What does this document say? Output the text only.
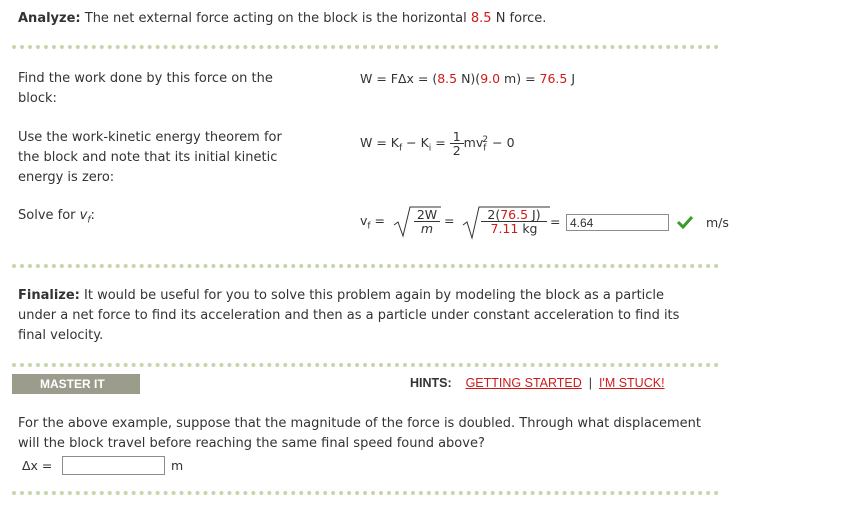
Analyze: The net external force acting on the block is the horizontal 8.5 N force.
Find the work done by this force on the
block:
W = FΔx = (8.5 N)(9.0 m) = 76.5 J
Use the work-kinetic energy theorem for
the block and note that its initial kinetic
energy is zero:
$W = K_f - K_i = \frac{1}{2} mv_f^2 - 0$
Solve for $v_f$:	$v_f = \frac{2W}{m} = \frac{2(76.5 J)}{7.11 kg}$ =
4.64	m/s
Finalize: It would be useful for you to solve this problem again by modeling the block as a particle
under a net force to find its acceleration and then as a particle under constant acceleration to find its
final velocity.
MASTER IT	HINTS: GETTING STARTED | I'M STUCK!
For the above example, suppose that the magnitude of the force is doubled. Through what displacement
will the block travel before reaching the same final speed found above?
Δx =	m
